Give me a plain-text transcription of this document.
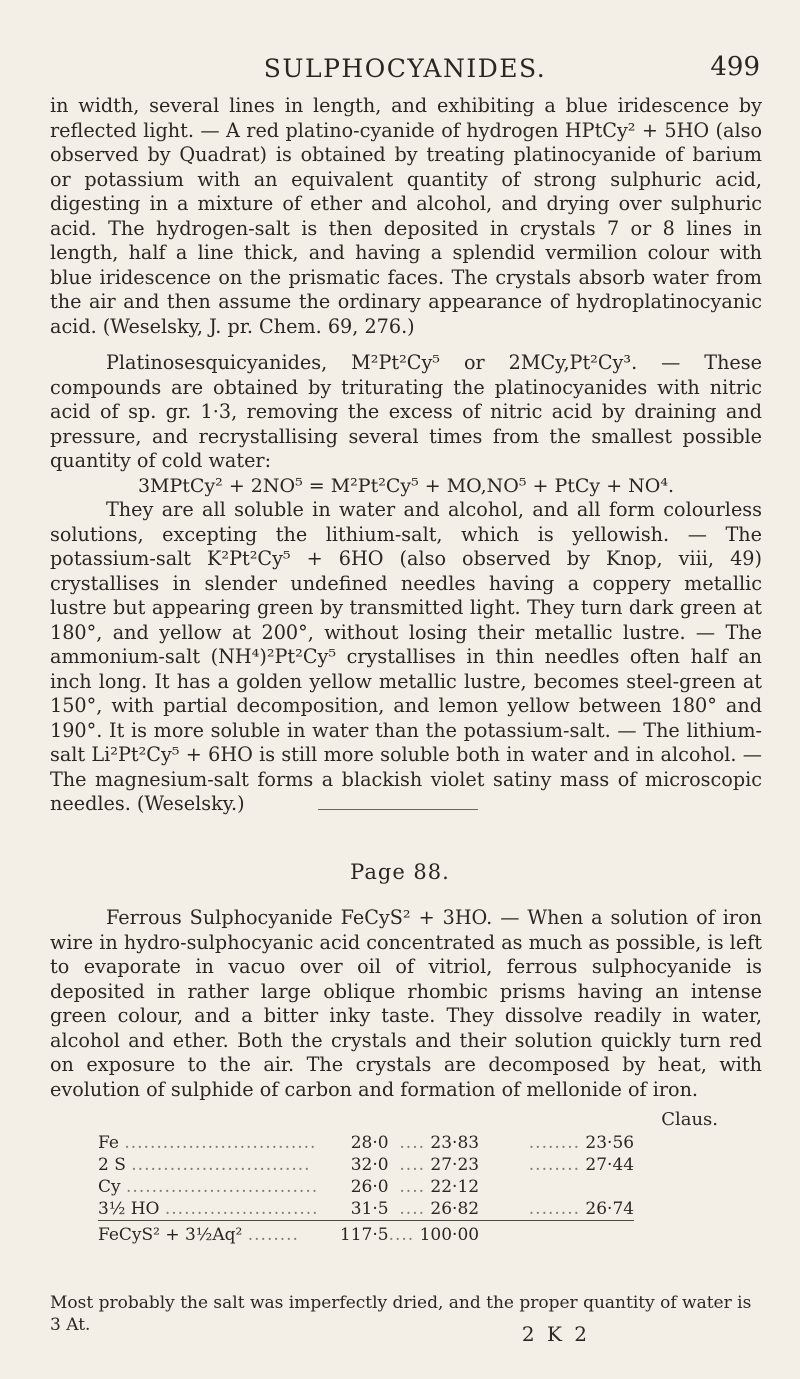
SULPHOCYANIDES.	499

in width, several lines in length, and exhibiting a blue iridescence by reflected light. — A red platino-cyanide of hydrogen HPtCy² + 5HO (also observed by Quadrat) is obtained by treating platinocyanide of barium or potassium with an equivalent quantity of strong sulphuric acid, digesting in a mixture of ether and alcohol, and drying over sulphuric acid. The hydrogen-salt is then deposited in crystals 7 or 8 lines in length, half a line thick, and having a splendid vermilion colour with blue iridescence on the prismatic faces. The crystals absorb water from the air and then assume the ordinary appearance of hydroplatinocyanic acid. (Weselsky, J. pr. Chem. 69, 276.)

Platinosesquicyanides, M²Pt²Cy⁵ or 2MCy,Pt²Cy³. — These compounds are obtained by triturating the platinocyanides with nitric acid of sp. gr. 1·3, removing the excess of nitric acid by draining and pressure, and recrystallising several times from the smallest possible quantity of cold water:

3MPtCy² + 2NO⁵ = M²Pt²Cy⁵ + MO,NO⁵ + PtCy + NO⁴.

They are all soluble in water and alcohol, and all form colourless solutions, excepting the lithium-salt, which is yellowish. — The potassium-salt K²Pt²Cy⁵ + 6HO (also observed by Knop, viii, 49) crystallises in slender undefined needles having a coppery metallic lustre but appearing green by transmitted light. They turn dark green at 180°, and yellow at 200°, without losing their metallic lustre. — The ammonium-salt (NH⁴)²Pt²Cy⁵ crystallises in thin needles often half an inch long. It has a golden yellow metallic lustre, becomes steel-green at 150°, with partial decomposition, and lemon yellow between 180° and 190°. It is more soluble in water than the potassium-salt. — The lithium-salt Li²Pt²Cy⁵ + 6HO is still more soluble both in water and in alcohol. — The magnesium-salt forms a blackish violet satiny mass of microscopic needles. (Weselsky.)

Page 88.

Ferrous Sulphocyanide FeCyS² + 3HO. — When a solution of iron wire in hydro-sulphocyanic acid concentrated as much as possible, is left to evaporate in vacuo over oil of vitriol, ferrous sulphocyanide is deposited in rather large oblique rhombic prisms having an intense green colour, and a bitter inky taste. They dissolve readily in water, alcohol and ether. Both the crystals and their solution quickly turn red on exposure to the air. The crystals are decomposed by heat, with evolution of sulphide of carbon and formation of mellonide of iron.

Claus.
Fe ..............................	28·0	.... 23·83	........ 23·56
2 S ............................	32·0	.... 27·23	........ 27·44
Cy ..............................	26·0	.... 22·12	
3½ HO ........................	31·5	.... 26·82	........ 26·74
FeCyS² + 3½Aq² ........	117·5	.... 100·00	
Most probably the salt was imperfectly dried, and the proper quantity of water is 3 At.	2 K 2
